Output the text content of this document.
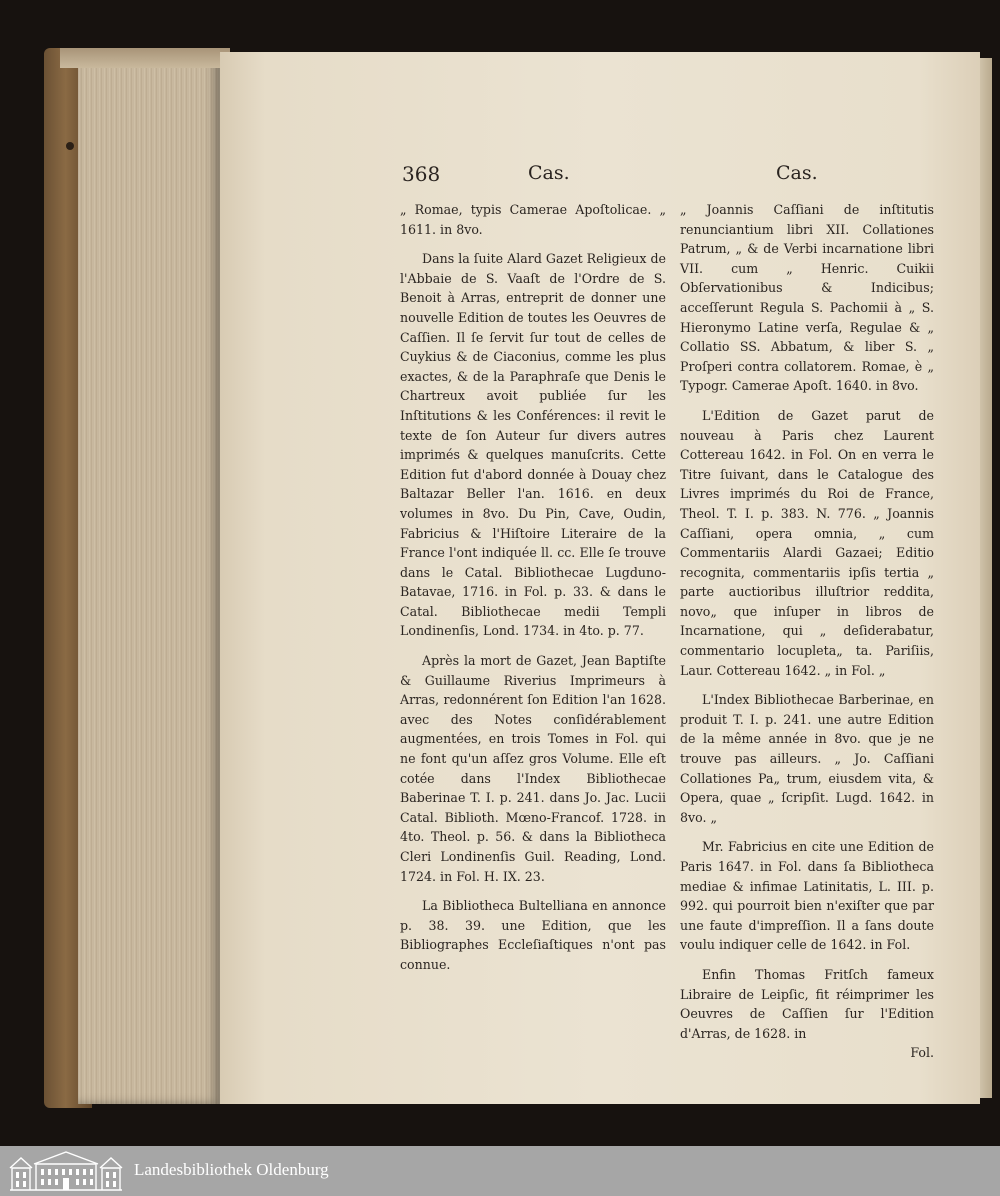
368	Cas.	Cas.

„ Romae, typis Camerae Apoſtolicae. „ 1611. in 8vo.

Dans la ſuite Alard Gazet Religieux de l'Abbaie de S. Vaaſt de l'Ordre de S. Benoit à Arras, entreprit de donner une nouvelle Edition de toutes les Oeuvres de Caſſien. Il ſe ſervit ſur tout de celles de Cuykius & de Ciaconius, comme les plus exactes, & de la Paraphraſe que Denis le Chartreux avoit publiée ſur les Inſtitutions & les Conférences: il revit le texte de ſon Auteur ſur divers autres imprimés & quelques manuſcrits. Cette Edition fut d'abord donnée à Douay chez Baltazar Beller l'an. 1616. en deux volumes in 8vo. Du Pin, Cave, Oudin, Fabricius & l'Hiſtoire Literaire de la France l'ont indiquée ll. cc. Elle ſe trouve dans le Catal. Bibliothecae Lugduno-Batavae, 1716. in Fol. p. 33. & dans le Catal. Bibliothecae medii Templi Londinenſis, Lond. 1734. in 4to. p. 77.

Après la mort de Gazet, Jean Baptiſte & Guillaume Riverius Imprimeurs à Arras, redonnérent ſon Edition l'an 1628. avec des Notes conſidérablement augmentées, en trois Tomes in Fol. qui ne font qu'un aſſez gros Volume. Elle eſt cotée dans l'Index Bibliothecae Baberinae T. I. p. 241. dans Jo. Jac. Lucii Catal. Biblioth. Mœno-Francof. 1728. in 4to. Theol. p. 56. & dans la Bibliotheca Cleri Londinenſis Guil. Reading, Lond. 1724. in Fol. H. IX. 23.

La Bibliotheca Bultelliana en annonce p. 38. 39. une Edition, que les Bibliographes Eccleſiaſtiques n'ont pas connue.

„ Joannis Caſſiani de inſtitutis renunciantium libri XII. Collationes Patrum, „ & de Verbi incarnatione libri VII. cum „ Henric. Cuikii Obſervationibus & Indicibus; acceſſerunt Regula S. Pachomii à „ S. Hieronymo Latine verſa, Regulae & „ Collatio SS. Abbatum, & liber S. „ Proſperi contra collatorem. Romae, è „ Typogr. Camerae Apoſt. 1640. in 8vo.

L'Edition de Gazet parut de nouveau à Paris chez Laurent Cottereau 1642. in Fol. On en verra le Titre ſuivant, dans le Catalogue des Livres imprimés du Roi de France, Theol. T. I. p. 383. N. 776. „ Joannis Caſſiani, opera omnia, „ cum Commentariis Alardi Gazaei; Editio recognita, commentariis ipſis tertia „ parte auctioribus illuſtrior reddita, novo„ que inſuper in libros de Incarnatione, qui „ deſiderabatur, commentario locupleta„ ta. Pariſiis, Laur. Cottereau 1642. „ in Fol. „

L'Index Bibliothecae Barberinae, en produit T. I. p. 241. une autre Edition de la même année in 8vo. que je ne trouve pas ailleurs. „ Jo. Caſſiani Collationes Pa„ trum, eiusdem vita, & Opera, quae „ ſcripſit. Lugd. 1642. in 8vo. „

Mr. Fabricius en cite une Edition de Paris 1647. in Fol. dans ſa Bibliotheca mediae & infimae Latinitatis, L. III. p. 992. qui pourroit bien n'exiſter que par une faute d'impreſſion. Il a ſans doute voulu indiquer celle de 1642. in Fol.

Enfin Thomas Fritſch fameux Libraire de Leipſic, fit réimprimer les Oeuvres de Caſſien ſur l'Edition d'Arras, de 1628. in

Fol.

Landesbibliothek Oldenburg
